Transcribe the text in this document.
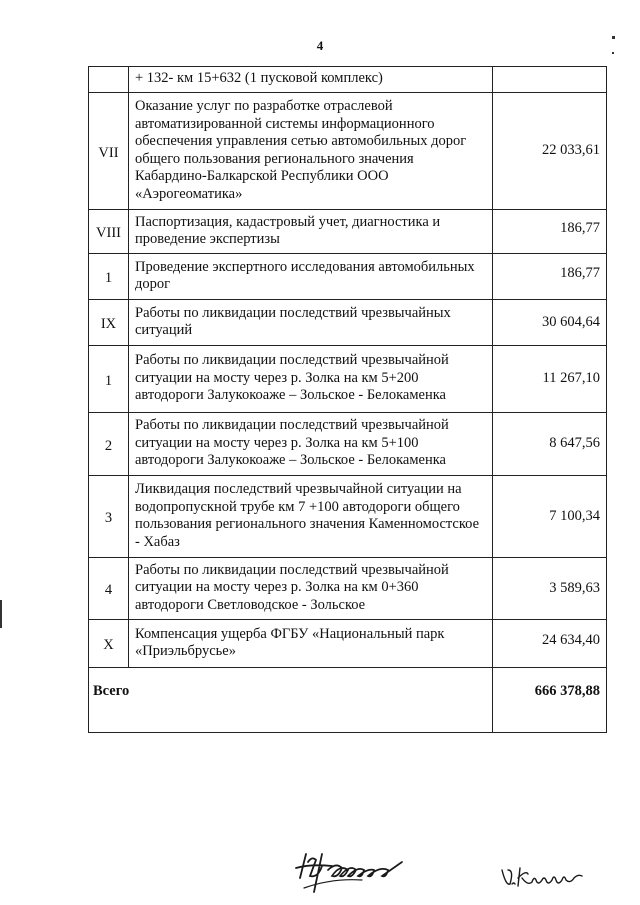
4
	+ 132- км 15+632 (1 пусковой комплекс)	
VII	Оказание услуг по разработке отраслевой автоматизированной системы информационного обеспечения управления сетью автомобильных дорог общего пользования регионального значения Кабардино-Балкарской Республики ООО «Аэрогеоматика»	22 033,61
VIII	Паспортизация, кадастровый учет, диагностика и проведение экспертизы	186,77
1	Проведение экспертного исследования автомобильных дорог	186,77
IX	Работы по ликвидации последствий чрезвычайных ситуаций	30 604,64
1	Работы по ликвидации последствий чрезвычайной ситуации на мосту через р. Золка на км 5+200 автодороги Залукокоаже – Зольское - Белокаменка	11 267,10
2	Работы по ликвидации последствий чрезвычайной ситуации на мосту через р. Золка на км 5+100 автодороги Залукокоаже – Зольское - Белокаменка	8 647,56
3	Ликвидация последствий чрезвычайной ситуации на водопропускной трубе км 7 +100 автодороги общего пользования регионального значения Каменномостское - Хабаз	7 100,34
4	Работы по ликвидации последствий чрезвычайной ситуации на мосту через р. Золка на км 0+360 автодороги Светловодское - Зольское	3 589,63
X	Компенсация ущерба ФГБУ «Национальный парк «Приэльбрусье»	24 634,40
Всего		666 378,88
